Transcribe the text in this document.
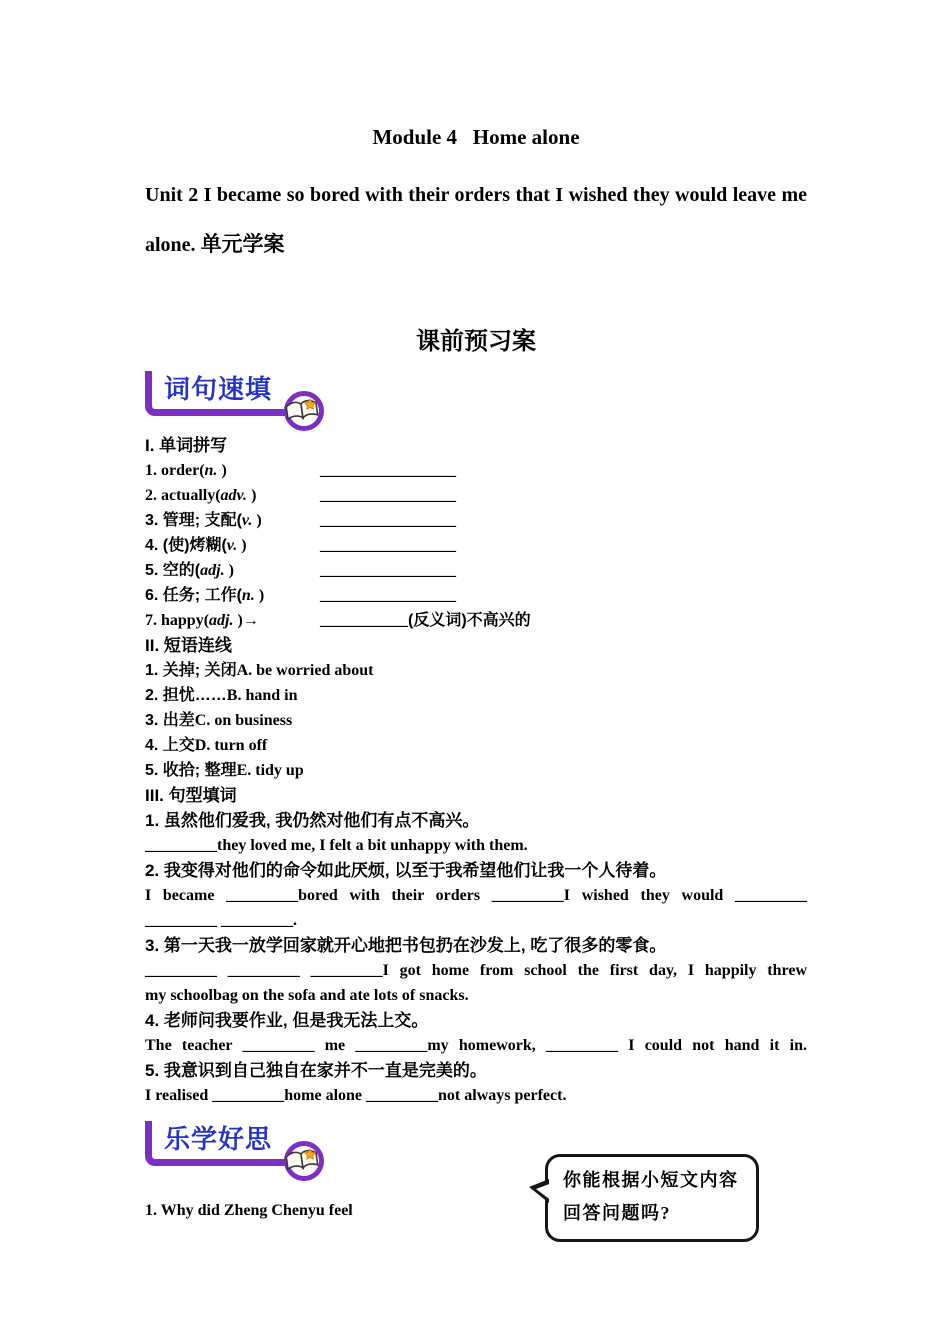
Module 4   Home alone

Unit 2 I became so bored with their orders that I wished they would leave me alone. 单元学案

课前预习案
词句速填

I. 单词拼写

1. order(n. )	_________________

2. actually(adv. )	_________________

3. 管理; 支配(v. )	_________________

4. (使)烤糊(v. )	_________________

5. 空的(adj. )	_________________

6. 任务; 工作(n. )	_________________

7. happy(adj. )→	___________(反义词)不高兴的

II. 短语连线

1. 关掉; 关闭A. be worried about

2. 担忧……B. hand in

3. 出差C. on business

4. 上交D. turn off

5. 收拾; 整理E. tidy up

III. 句型填词

1. 虽然他们爱我, 我仍然对他们有点不高兴。

_________they loved me, I felt a bit unhappy with them.

2. 我变得对他们的命令如此厌烦, 以至于我希望他们让我一个人待着。

I became _________bored with their orders _________I wished they would _________

_________ _________.

3. 第一天我一放学回家就开心地把书包扔在沙发上, 吃了很多的零食。

_________ _________ _________I got home from school the first day, I happily threw

my schoolbag on the sofa and ate lots of snacks.

4. 老师问我要作业, 但是我无法上交。

The teacher _________ me _________my homework, _________ I could not hand it in.

5. 我意识到自己独自在家并不一直是完美的。

I realised _________home alone _________not always perfect.

乐学好思

1. Why did Zheng Chenyu feel

你能根据小短文内容回答问题吗?
